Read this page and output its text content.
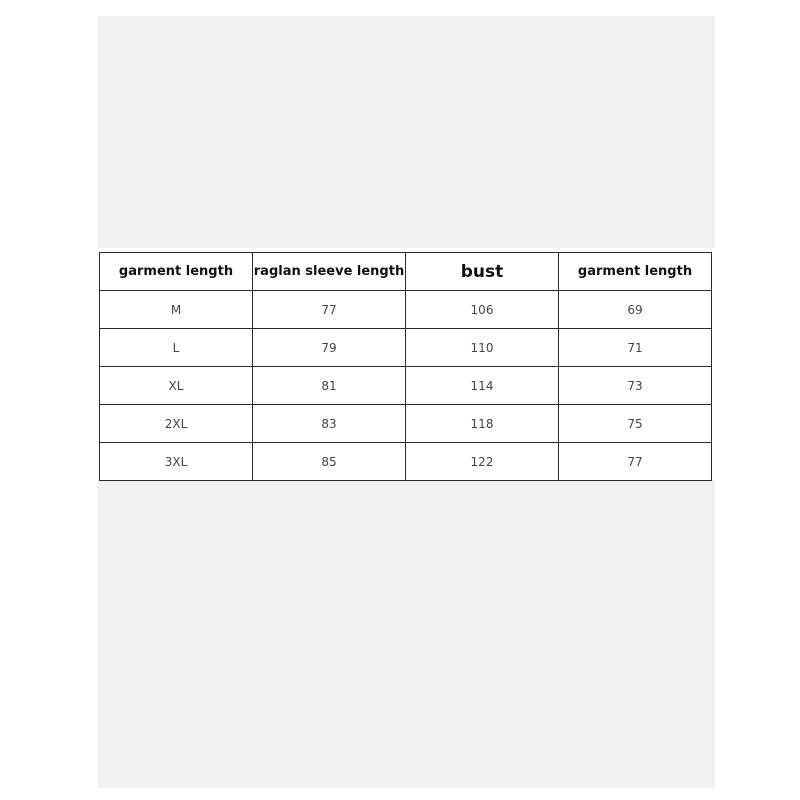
garment length	raglan sleeve length	bust	garment length
M	77	106	69
L	79	110	71
XL	81	114	73
2XL	83	118	75
3XL	85	122	77
